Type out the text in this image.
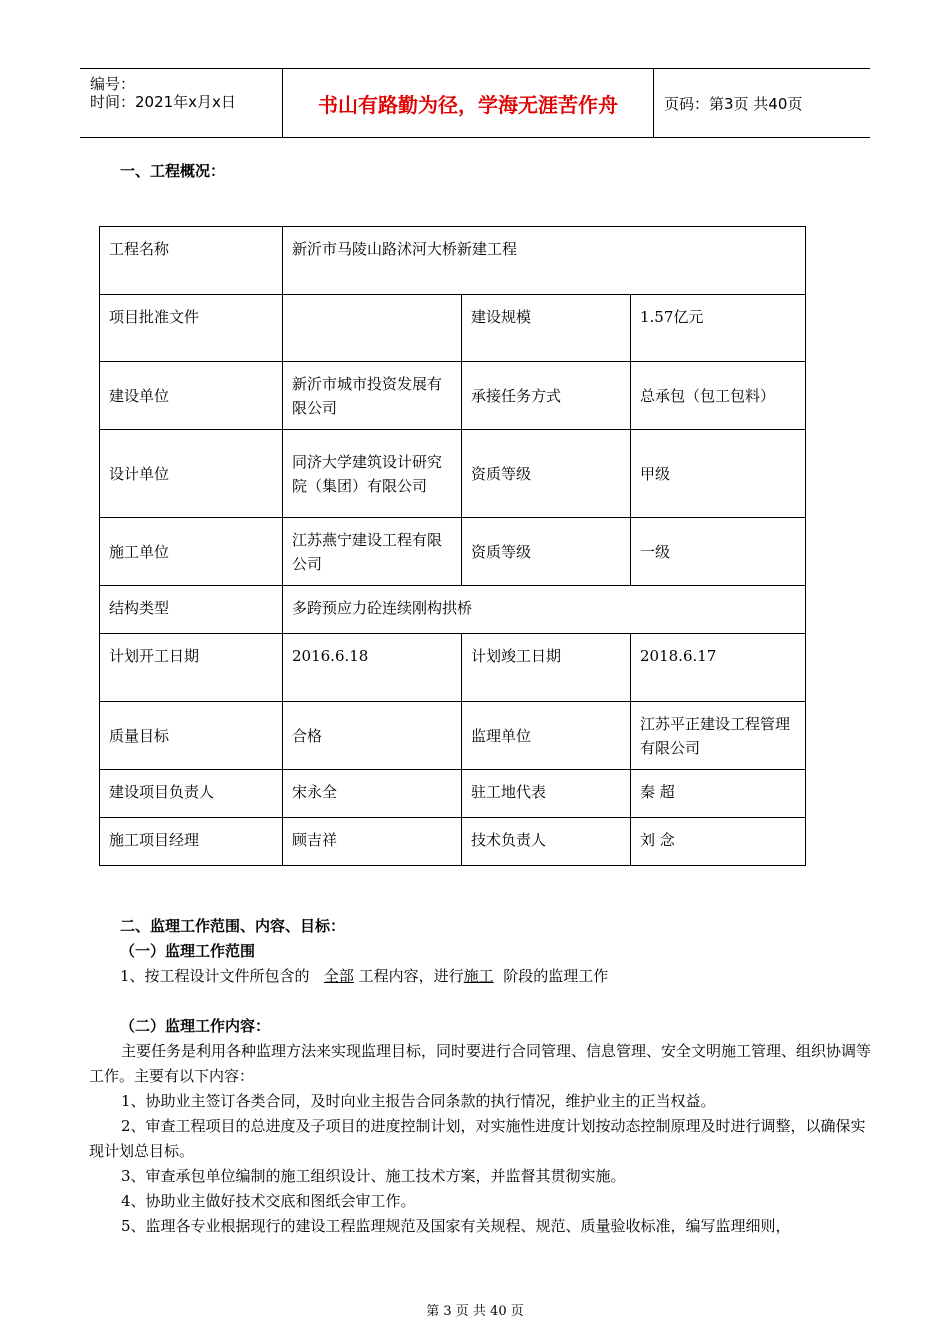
编号：
时间：2021年x月x日	书山有路勤为径，学海无涯苦作舟	页码：第3页 共40页
一、工程概况：
工程名称	新沂市马陵山路沭河大桥新建工程		
项目批准文件		建设规模	1.57亿元
建设单位	新沂市城市投资发展有限公司	承接任务方式	总承包（包工包料）
设计单位	同济大学建筑设计研究院（集团）有限公司	资质等级	甲级
施工单位	江苏燕宁建设工程有限公司	资质等级	一级
结构类型	多跨预应力砼连续刚构拱桥		
计划开工日期	2016.6.18	计划竣工日期	2018.6.17
质量目标	合格	监理单位	江苏平正建设工程管理有限公司
建设项目负责人	宋永全	驻工地代表	秦 超
施工项目经理	顾吉祥	技术负责人	刘 念
二、监理工作范围、内容、目标：
（一）监理工作范围
1、按工程设计文件所包含的 全部 工程内容，进行施工 阶段的监理工作
（二）监理工作内容：
主要任务是利用各种监理方法来实现监理目标，同时要进行合同管理、信息管理、安全文明施工管理、组织协调等工作。主要有以下内容：
1、协助业主签订各类合同，及时向业主报告合同条款的执行情况，维护业主的正当权益。
2、审查工程项目的总进度及子项目的进度控制计划，对实施性进度计划按动态控制原理及时进行调整，以确保实现计划总目标。
3、审查承包单位编制的施工组织设计、施工技术方案，并监督其贯彻实施。
4、协助业主做好技术交底和图纸会审工作。
5、监理各专业根据现行的建设工程监理规范及国家有关规程、规范、质量验收标准，编写监理细则，
第 3 页 共 40 页
